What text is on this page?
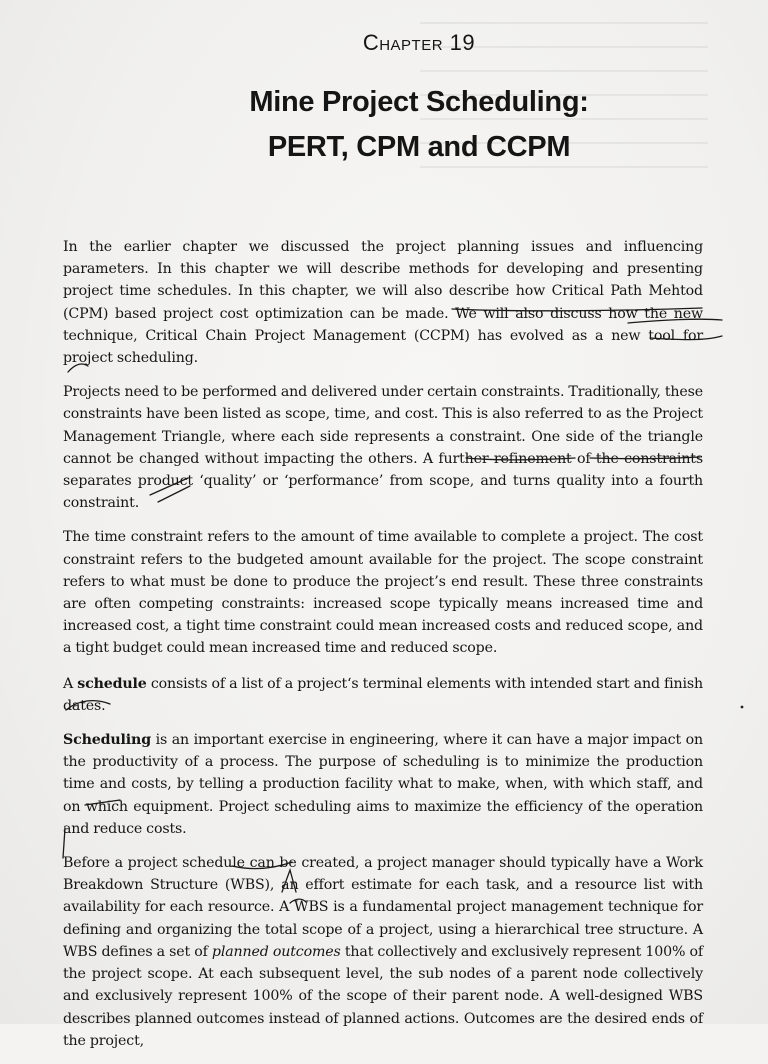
Chapter 19
Mine Project Scheduling:
PERT, CPM and CCPM

In the earlier chapter we discussed the project planning issues and influencing parameters. In this chapter we will describe methods for developing and presenting project time schedules. In this chapter, we will also describe how Critical Path Mehtod (CPM) based project cost optimization can be made. We will also discuss how the new technique, Critical Chain Project Management (CCPM) has evolved as a new tool for project scheduling.

Projects need to be performed and delivered under certain constraints. Traditionally, these constraints have been listed as scope, time, and cost. This is also referred to as the Project Management Triangle, where each side represents a constraint. One side of the triangle cannot be changed without impacting the others. A further refinement of the constraints separates product ‘quality’ or ‘performance’ from scope, and turns quality into a fourth constraint.

The time constraint refers to the amount of time available to complete a project. The cost constraint refers to the budgeted amount available for the project. The scope constraint refers to what must be done to produce the project’s end result. These three constraints are often competing constraints: increased scope typically means increased time and increased cost, a tight time constraint could mean increased costs and reduced scope, and a tight budget could mean increased time and reduced scope.

A schedule consists of a list of a project‘s terminal elements with intended start and finish dates.

Scheduling is an important exercise in engineering, where it can have a major impact on the productivity of a process. The purpose of scheduling is to minimize the production time and costs, by telling a production facility what to make, when, with which staff, and on which equipment. Project scheduling aims to maximize the efficiency of the operation and reduce costs.

Before a project schedule can be created, a project manager should typically have a Work Breakdown Structure (WBS), an effort estimate for each task, and a resource list with availability for each resource. A WBS is a fundamental project management technique for defining and organizing the total scope of a project, using a hierarchical tree structure. A WBS defines a set of planned outcomes that collectively and exclusively represent 100% of the project scope. At each subsequent level, the sub nodes of a parent node collectively and exclusively represent 100% of the scope of their parent node. A well-designed WBS describes planned outcomes instead of planned actions. Outcomes are the desired ends of the project,
